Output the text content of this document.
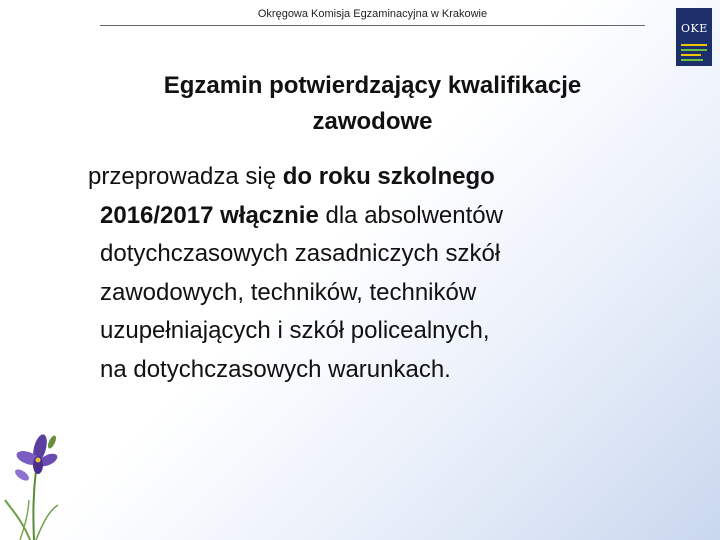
Okręgowa Komisja Egzaminacyjna w Krakowie
OKE
Egzamin potwierdzający kwalifikacje
zawodowe
przeprowadza się do roku szkolnego
2016/2017 włącznie dla absolwentów
dotychczasowych zasadniczych szkół
zawodowych, techników, techników
uzupełniających i szkół policealnych,
na dotychczasowych warunkach.
